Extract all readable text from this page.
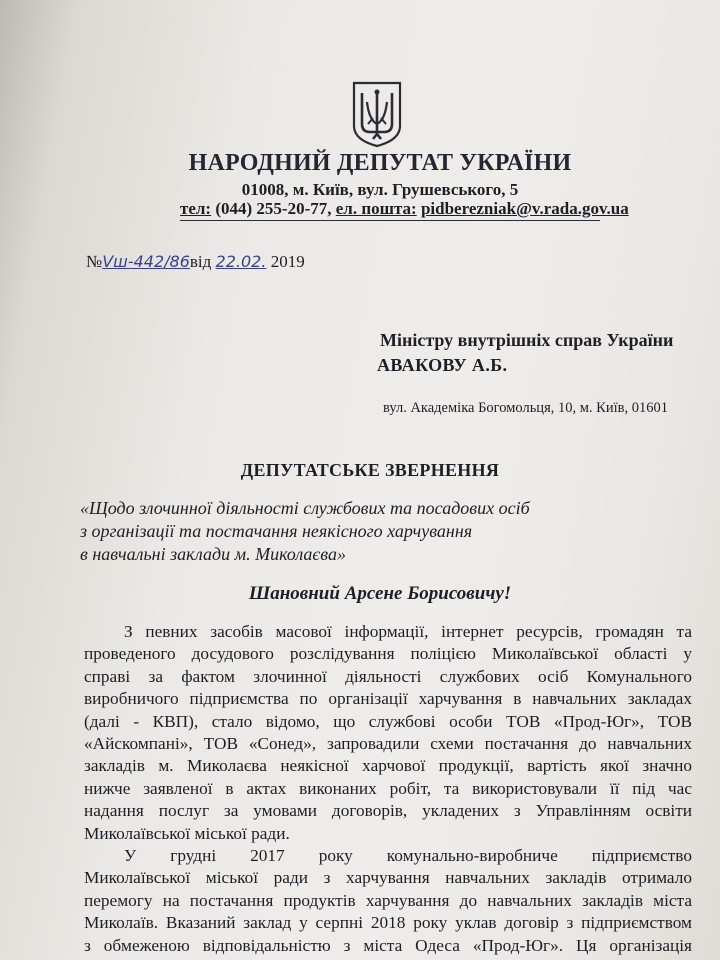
НАРОДНИЙ ДЕПУТАТ УКРАЇНИ
01008, м. Київ, вул. Грушевського, 5
тел: (044) 255-20-77, ел. пошта: pidberezniak@v.rada.gov.ua
№Vш-442/86від 22.02. 2019
Міністру внутрішніх справ України
АВАКОВУ А.Б.
вул. Академіка Богомольця, 10, м. Київ, 01601
ДЕПУТАТСЬКЕ ЗВЕРНЕННЯ
«Щодо злочинної діяльності службових та посадових осіб
з організації та постачання неякісного харчування
в навчальні заклади м. Миколаєва»
Шановний Арсене Борисовичу!
З певних засобів масової інформації, інтернет ресурсів, громадян та
проведеного досудового розслідування поліцією Миколаївської області у
справі за фактом злочинної діяльності службових осіб Комунального
виробничого підприємства по організації харчування в навчальних закладах
(далі - КВП), стало відомо, що службові особи ТОВ «Прод-Юг», ТОВ
«Айскомпані», ТОВ «Сонед», запровадили схеми постачання до навчальних
закладів м. Миколаєва неякісної харчової продукції, вартість якої значно
нижче заявленої в актах виконаних робіт, та використовували її під час
надання послуг за умовами договорів, укладених з Управлінням освіти
Миколаївської міської ради.
У грудні 2017 року комунально-виробниче підприємство
Миколаївської міської ради з харчування навчальних закладів отримало
перемогу на постачання продуктів харчування до навчальних закладів міста
Миколаїв. Вказаний заклад у серпні 2018 року уклав договір з підприємством
з обмеженою відповідальністю з міста Одеса «Прод-Юг». Ця організація
